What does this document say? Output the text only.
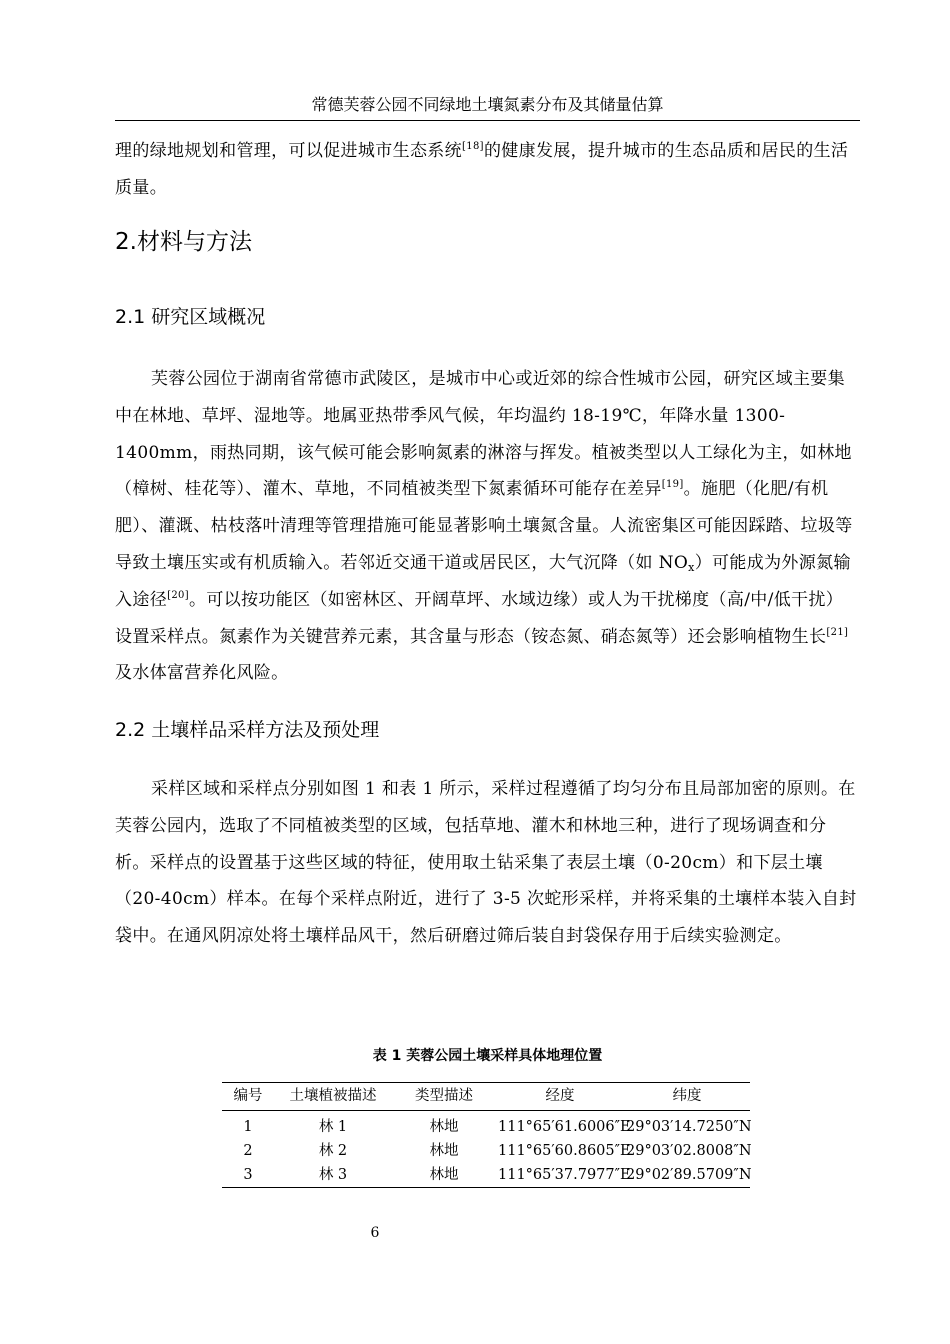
常德芙蓉公园不同绿地土壤氮素分布及其储量估算

理的绿地规划和管理，可以促进城市生态系统[18]的健康发展，提升城市的生态品质和居民的生活质量。

2.材料与方法
2.1 研究区域概况

芙蓉公园位于湖南省常德市武陵区，是城市中心或近郊的综合性城市公园，研究区域主要集中在林地、草坪、湿地等。地属亚热带季风气候，年均温约 18-19℃，年降水量 1300-1400mm，雨热同期，该气候可能会影响氮素的淋溶与挥发。植被类型以人工绿化为主，如林地（樟树、桂花等）、灌木、草地，不同植被类型下氮素循环可能存在差异[19]。施肥（化肥/有机肥）、灌溉、枯枝落叶清理等管理措施可能显著影响土壤氮含量。人流密集区可能因踩踏、垃圾等导致土壤压实或有机质输入。若邻近交通干道或居民区，大气沉降（如 $NO_x$）可能成为外源氮输入途径[20]。可以按功能区（如密林区、开阔草坪、水域边缘）或人为干扰梯度（高/中/低干扰）设置采样点。氮素作为关键营养元素，其含量与形态（铵态氮、硝态氮等）还会影响植物生长[21]及水体富营养化风险。

2.2 土壤样品采样方法及预处理

采样区域和采样点分别如图 1 和表 1 所示，采样过程遵循了均匀分布且局部加密的原则。在芙蓉公园内，选取了不同植被类型的区域，包括草地、灌木和林地三种，进行了现场调查和分析。采样点的设置基于这些区域的特征，使用取土钻采集了表层土壤（0-20cm）和下层土壤（20-40cm）样本。在每个采样点附近，进行了 3-5 次蛇形采样，并将采集的土壤样本装入自封袋中。在通风阴凉处将土壤样品风干，然后研磨过筛后装自封袋保存用于后续实验测定。

表 1 芙蓉公园土壤采样具体地理位置
编号	土壤植被描述	类型描述	经度	纬度
1	林 1	林地	111°65′61.6006″E	29°03′14.7250″N
2	林 2	林地	111°65′60.8605″E	29°03′02.8008″N
3	林 3	林地	111°65′37.7977″E	29°02′89.5709″N
6
